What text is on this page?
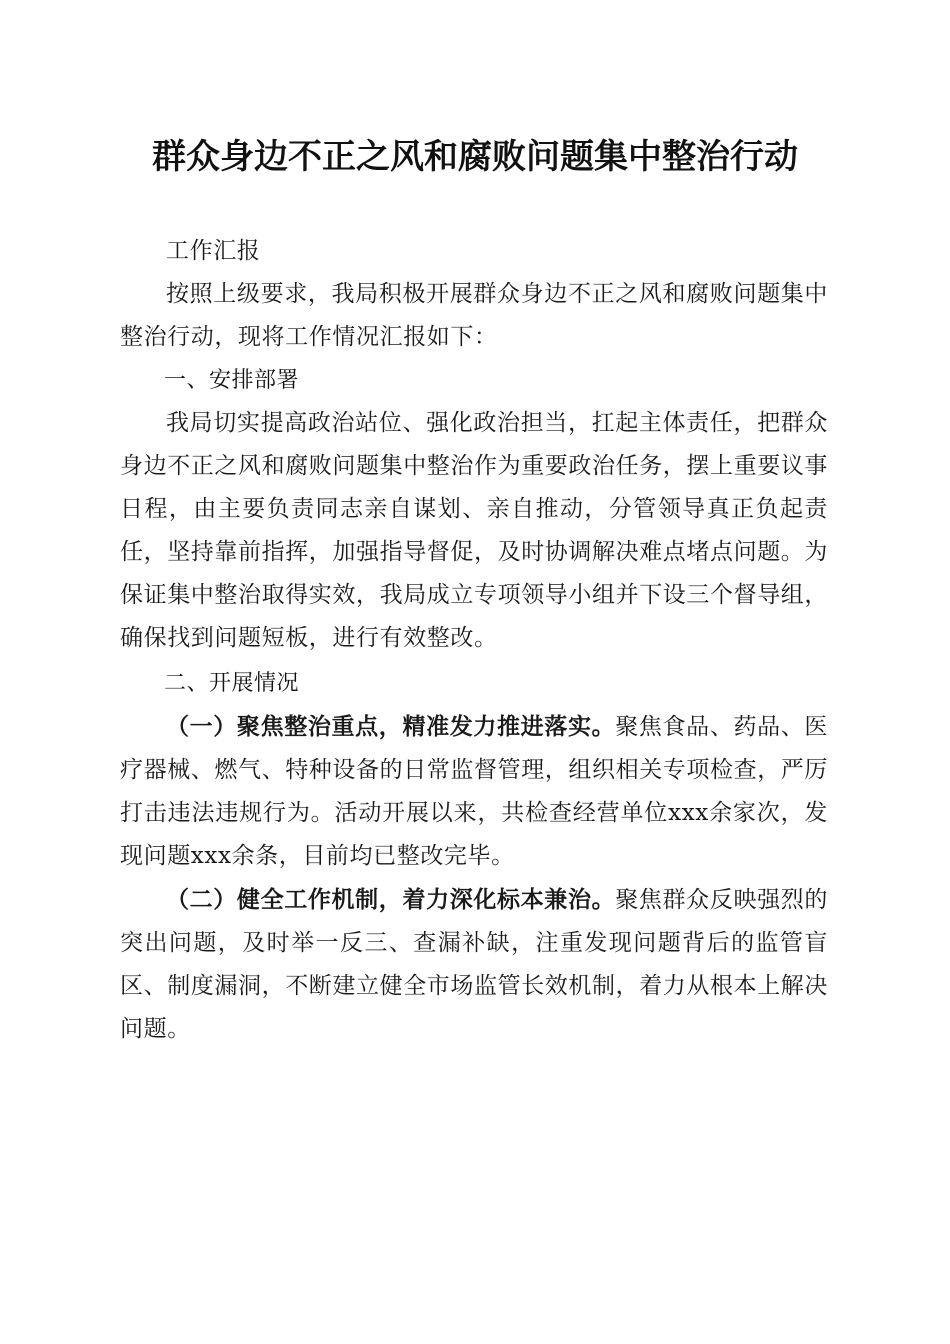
群众身边不正之风和腐败问题集中整治行动

工作汇报

按照上级要求，我局积极开展群众身边不正之风和腐败问题集中整治行动，现将工作情况汇报如下：

一、安排部署

我局切实提高政治站位、强化政治担当，扛起主体责任，把群众身边不正之风和腐败问题集中整治作为重要政治任务，摆上重要议事日程，由主要负责同志亲自谋划、亲自推动，分管领导真正负起责任，坚持靠前指挥，加强指导督促，及时协调解决难点堵点问题。为保证集中整治取得实效，我局成立专项领导小组并下设三个督导组，确保找到问题短板，进行有效整改。

二、开展情况

（一）聚焦整治重点，精准发力推进落实。聚焦食品、药品、医疗器械、燃气、特种设备的日常监督管理，组织相关专项检查，严厉打击违法违规行为。活动开展以来，共检查经营单位xxx余家次，发现问题xxx余条，目前均已整改完毕。

（二）健全工作机制，着力深化标本兼治。聚焦群众反映强烈的突出问题，及时举一反三、查漏补缺，注重发现问题背后的监管盲区、制度漏洞，不断建立健全市场监管长效机制，着力从根本上解决问题。
